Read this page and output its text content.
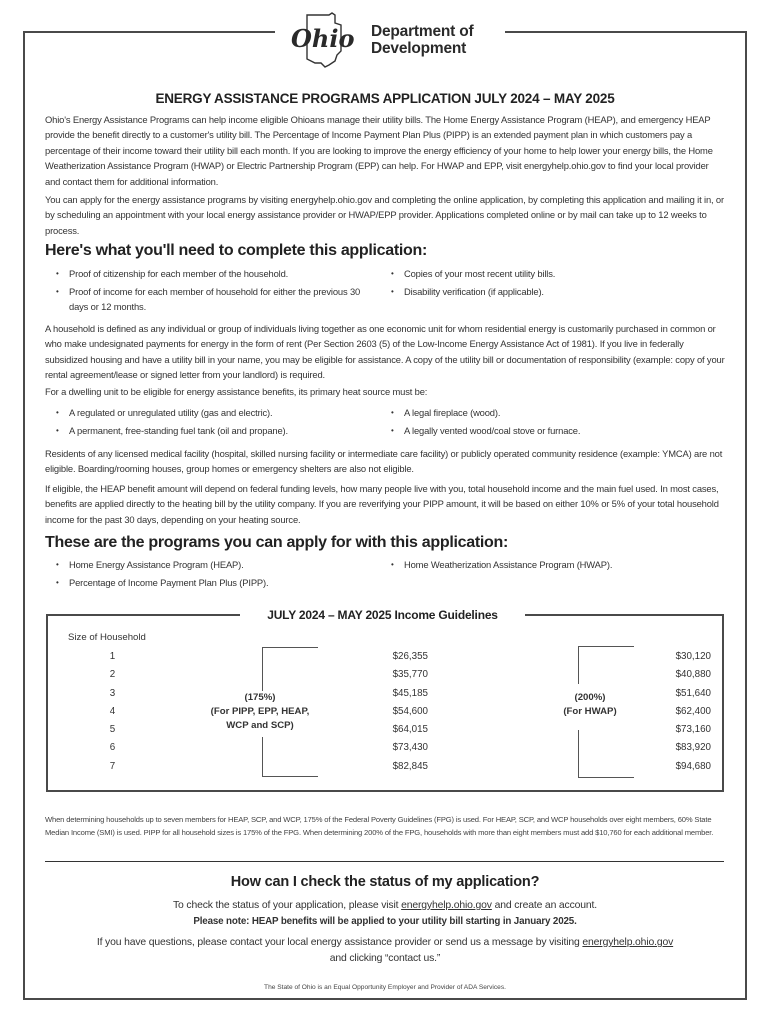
Ohio Department of
Development
ENERGY ASSISTANCE PROGRAMS APPLICATION JULY 2024 – MAY 2025
Ohio's Energy Assistance Programs can help income eligible Ohioans manage their utility bills. The Home Energy Assistance Program (HEAP), and emergency HEAP provide the benefit directly to a customer's utility bill. The Percentage of Income Payment Plan Plus (PIPP) is an extended payment plan in which customers pay a percentage of their income toward their utility bill each month. If you are looking to improve the energy efficiency of your home to help lower your energy bills, the Home Weatherization Assistance Program (HWAP) or Electric Partnership Program (EPP) can help. For HWAP and EPP, visit energyhelp.ohio.gov to find your local provider and contact them for additional information.
You can apply for the energy assistance programs by visiting energyhelp.ohio.gov and completing the online application, by completing this application and mailing it in, or by scheduling an appointment with your local energy assistance provider or HWAP/EPP provider. Applications completed online or by mail can take up to 12 weeks to process.
Here's what you'll need to complete this application:
• Proof of citizenship for each member of the household.
• Proof of income for each member of household for either the previous 30 days or 12 months.
• Copies of your most recent utility bills.
• Disability verification (if applicable).
A household is defined as any individual or group of individuals living together as one economic unit for whom residential energy is customarily purchased in common or who make undesignated payments for energy in the form of rent (Per Section 2603 (5) of the Low-Income Energy Assistance Act of 1981). If you live in federally subsidized housing and have a utility bill in your name, you may be eligible for assistance. A copy of the utility bill or documentation of responsibility (example: copy of your rental agreement/lease or signed letter from your landlord) is required.
For a dwelling unit to be eligible for energy assistance benefits, its primary heat source must be:
• A regulated or unregulated utility (gas and electric).
• A permanent, free-standing fuel tank (oil and propane).
• A legal fireplace (wood).
• A legally vented wood/coal stove or furnace.
Residents of any licensed medical facility (hospital, skilled nursing facility or intermediate care facility) or publicly operated community residence (example: YMCA) are not eligible. Boarding/rooming houses, group homes or emergency shelters are also not eligible.
If eligible, the HEAP benefit amount will depend on federal funding levels, how many people live with you, total household income and the main fuel used. In most cases, benefits are applied directly to the heating bill by the utility company. If you are reverifying your PIPP amount, it will be based on either 10% or 5% of your total household income for the past 30 days, depending on your heating source.
These are the programs you can apply for with this application:
• Home Energy Assistance Program (HEAP).
• Percentage of Income Payment Plan Plus (PIPP).
• Home Weatherization Assistance Program (HWAP).
JULY 2024 – MAY 2025 Income Guidelines
Size of Household
1
2
3
4
5
6
7
(175%)
(For PIPP, EPP, HEAP,
WCP and SCP)
$26,355
$35,770
$45,185
$54,600
$64,015
$73,430
$82,845
(200%)
(For HWAP)
$30,120
$40,880
$51,640
$62,400
$73,160
$83,920
$94,680
When determining households up to seven members for HEAP, SCP, and WCP, 175% of the Federal Poverty Guidelines (FPG) is used. For HEAP, SCP, and WCP households over eight members, 60% State Median Income (SMI) is used. PIPP for all household sizes is 175% of the FPG. When determining 200% of the FPG, households with more than eight members must add $10,760 for each additional member.
How can I check the status of my application?
To check the status of your application, please visit energyhelp.ohio.gov and create an account.
Please note: HEAP benefits will be applied to your utility bill starting in January 2025.
If you have questions, please contact your local energy assistance provider or send us a message by visiting energyhelp.ohio.gov
and clicking “contact us.”
The State of Ohio is an Equal Opportunity Employer and Provider of ADA Services.
